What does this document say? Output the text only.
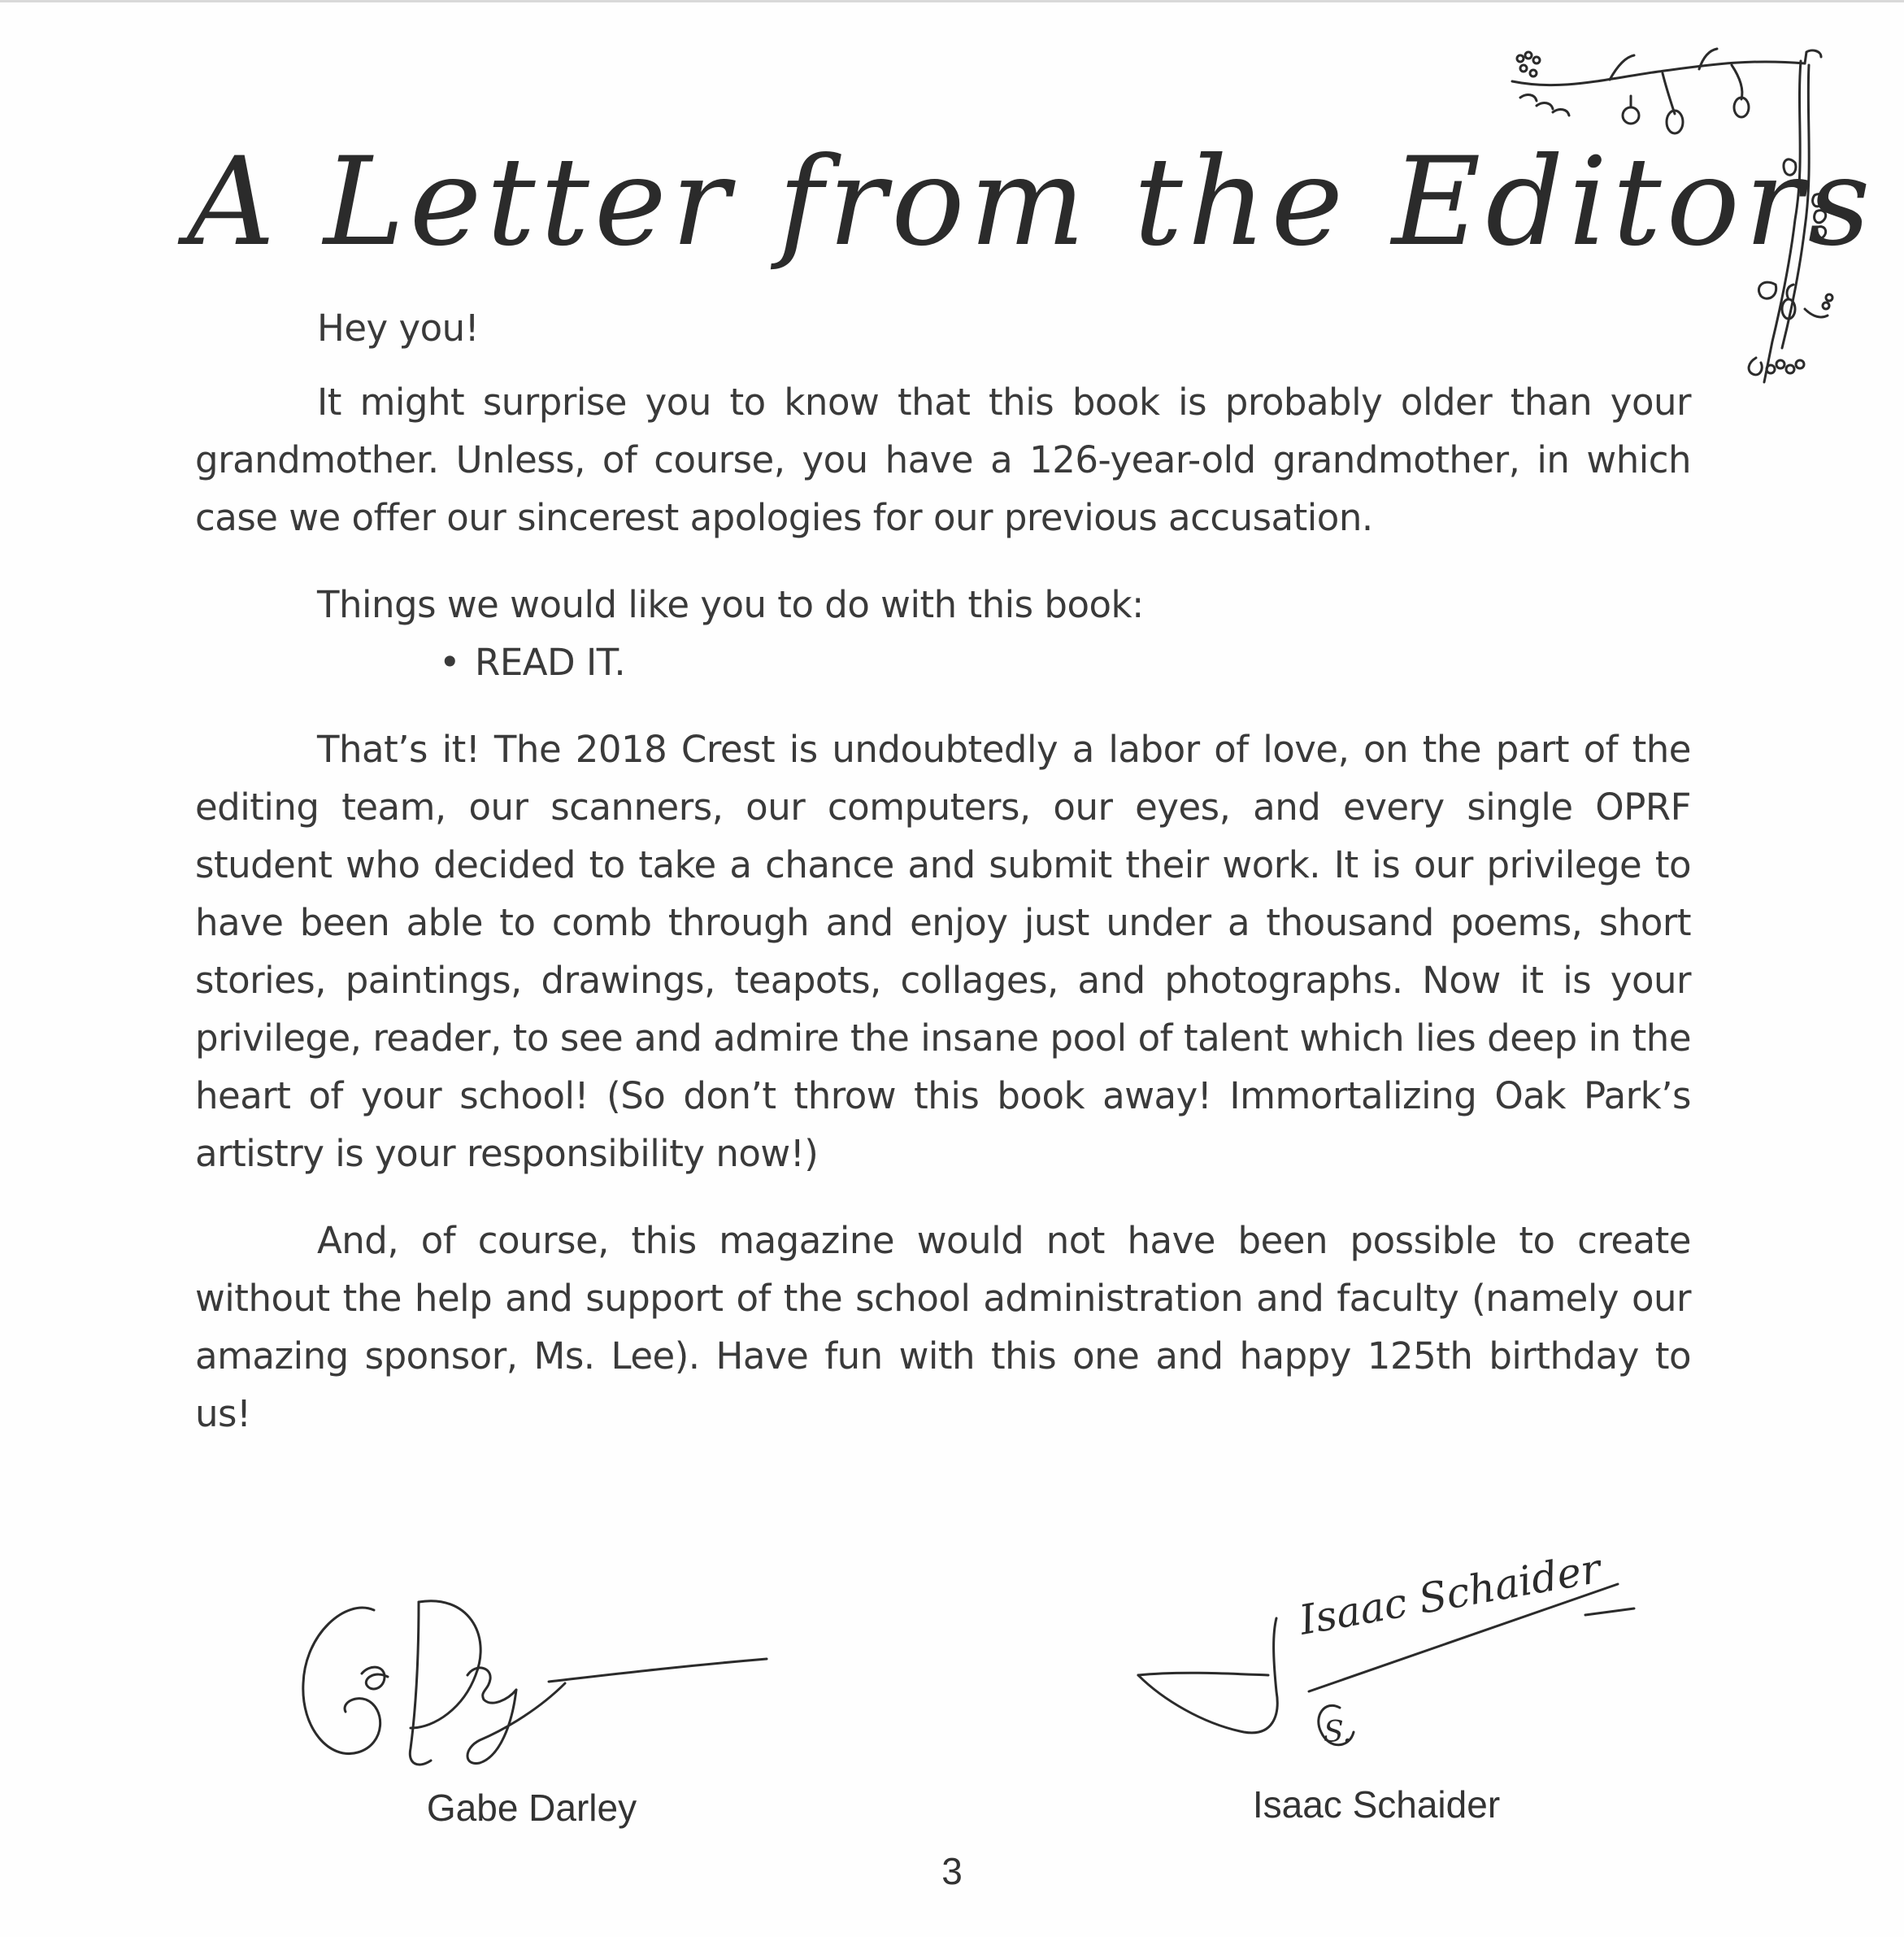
A Letter from the Editors

Hey you!

It might surprise you to know that this book is probably older than your grandmother. Unless, of course, you have a 126-year-old grandmother, in which case we offer our sincerest apologies for our previous accusation.

Things we would like you to do with this book:

• READ IT.

That’s it! The 2018 Crest is undoubtedly a labor of love, on the part of the editing team, our scanners, our computers, our eyes, and every single OPRF student who decided to take a chance and submit their work. It is our privilege to have been able to comb through and enjoy just under a thousand poems, short stories, paintings, drawings, teapots, collages, and photographs. Now it is your privilege, reader, to see and admire the insane pool of talent which lies deep in the heart of your school! (So don’t throw this book away! Immortalizing Oak Park’s artistry is your responsibility now!)

And, of course, this magazine would not have been possible to create without the help and support of the school administration and faculty (namely our amazing sponsor, Ms. Lee). Have fun with this one and happy 125th birthday to us!

Isaac Schaider
S.
Gabe Darley	Isaac Schaider
3
